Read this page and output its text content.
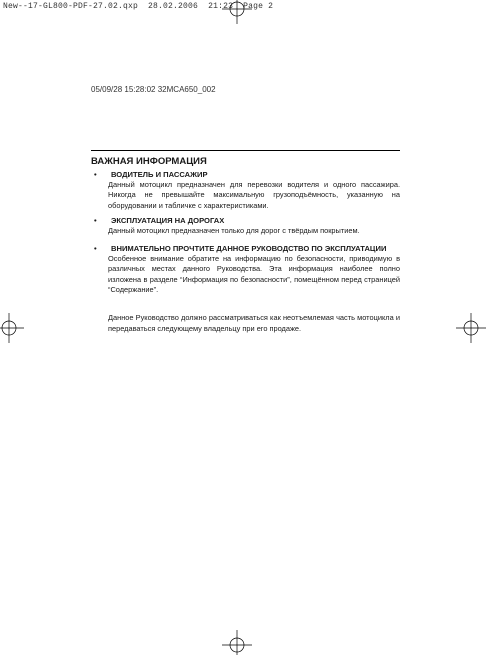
New--17-GL800-PDF-27.02.qxp 28.02.2006 21:23 Page 2
05/09/28 15:28:02 32MCA650_002
ВАЖНАЯ ИНФОРМАЦИЯ
•	ВОДИТЕЛЬ И ПАССАЖИР
Данный мотоцикл предназначен для перевозки водителя и одного пассажира. Никогда не превышайте максимальную грузоподъёмность, указанную на оборудовании и табличке с характеристиками.
•	ЭКСПЛУАТАЦИЯ НА ДОРОГАХ
Данный мотоцикл предназначен только для дорог с твёрдым покрытием.
•	ВНИМАТЕЛЬНО ПРОЧТИТЕ ДАННОЕ РУКОВОДСТВО ПО ЭКСПЛУАТАЦИИ
Особенное внимание обратите на информацию по безопасности, приводимую в различных местах данного Руководства. Эта информация наиболее полно изложена в разделе “Информация по безопасности”, помещённом перед страницей “Содержание”.
Данное Руководство должно рассматриваться как неотъемлемая часть мотоцикла и передаваться следующему владельцу при его продаже.
